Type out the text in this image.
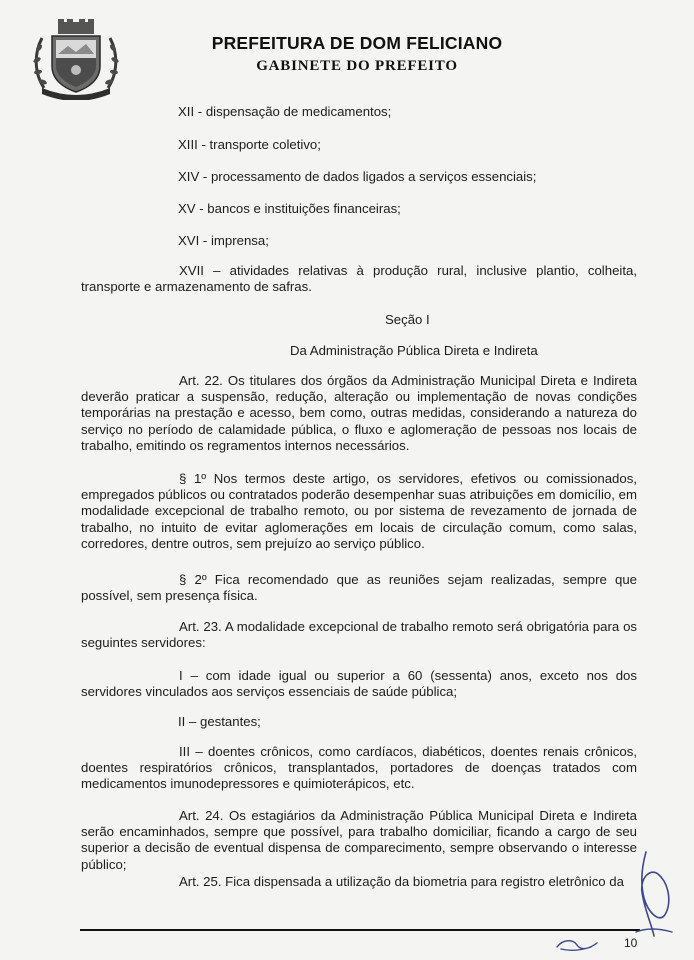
PREFEITURA DE DOM FELICIANO
GABINETE DO PREFEITO
XII - dispensação de medicamentos;
XIII - transporte coletivo;
XIV - processamento de dados ligados a serviços essenciais;
XV - bancos e instituições financeiras;
XVI - imprensa;
XVII – atividades relativas à produção rural, inclusive plantio, colheita, transporte e armazenamento de safras.
Seção I
Da Administração Pública Direta e Indireta
Art. 22. Os titulares dos órgãos da Administração Municipal Direta e Indireta deverão praticar a suspensão, redução, alteração ou implementação de novas condições temporárias na prestação e acesso, bem como, outras medidas, considerando a natureza do serviço no período de calamidade pública, o fluxo e aglomeração de pessoas nos locais de trabalho, emitindo os regramentos internos necessários.
§ 1º Nos termos deste artigo, os servidores, efetivos ou comissionados, empregados públicos ou contratados poderão desempenhar suas atribuições em domicílio, em modalidade excepcional de trabalho remoto, ou por sistema de revezamento de jornada de trabalho, no intuito de evitar aglomerações em locais de circulação comum, como salas, corredores, dentre outros, sem prejuízo ao serviço público.
§ 2º Fica recomendado que as reuniões sejam realizadas, sempre que possível, sem presença física.
Art. 23. A modalidade excepcional de trabalho remoto será obrigatória para os seguintes servidores:
I – com idade igual ou superior a 60 (sessenta) anos, exceto nos dos servidores vinculados aos serviços essenciais de saúde pública;
II – gestantes;
III – doentes crônicos, como cardíacos, diabéticos, doentes renais crônicos, doentes respiratórios crônicos, transplantados, portadores de doenças tratados com medicamentos imunodepressores e quimioterápicos, etc.
Art. 24. Os estagiários da Administração Pública Municipal Direta e Indireta serão encaminhados, sempre que possível, para trabalho domiciliar, ficando a cargo de seu superior a decisão de eventual dispensa de comparecimento, sempre observando o interesse público;
Art. 25. Fica dispensada a utilização da biometria para registro eletrônico da
10
